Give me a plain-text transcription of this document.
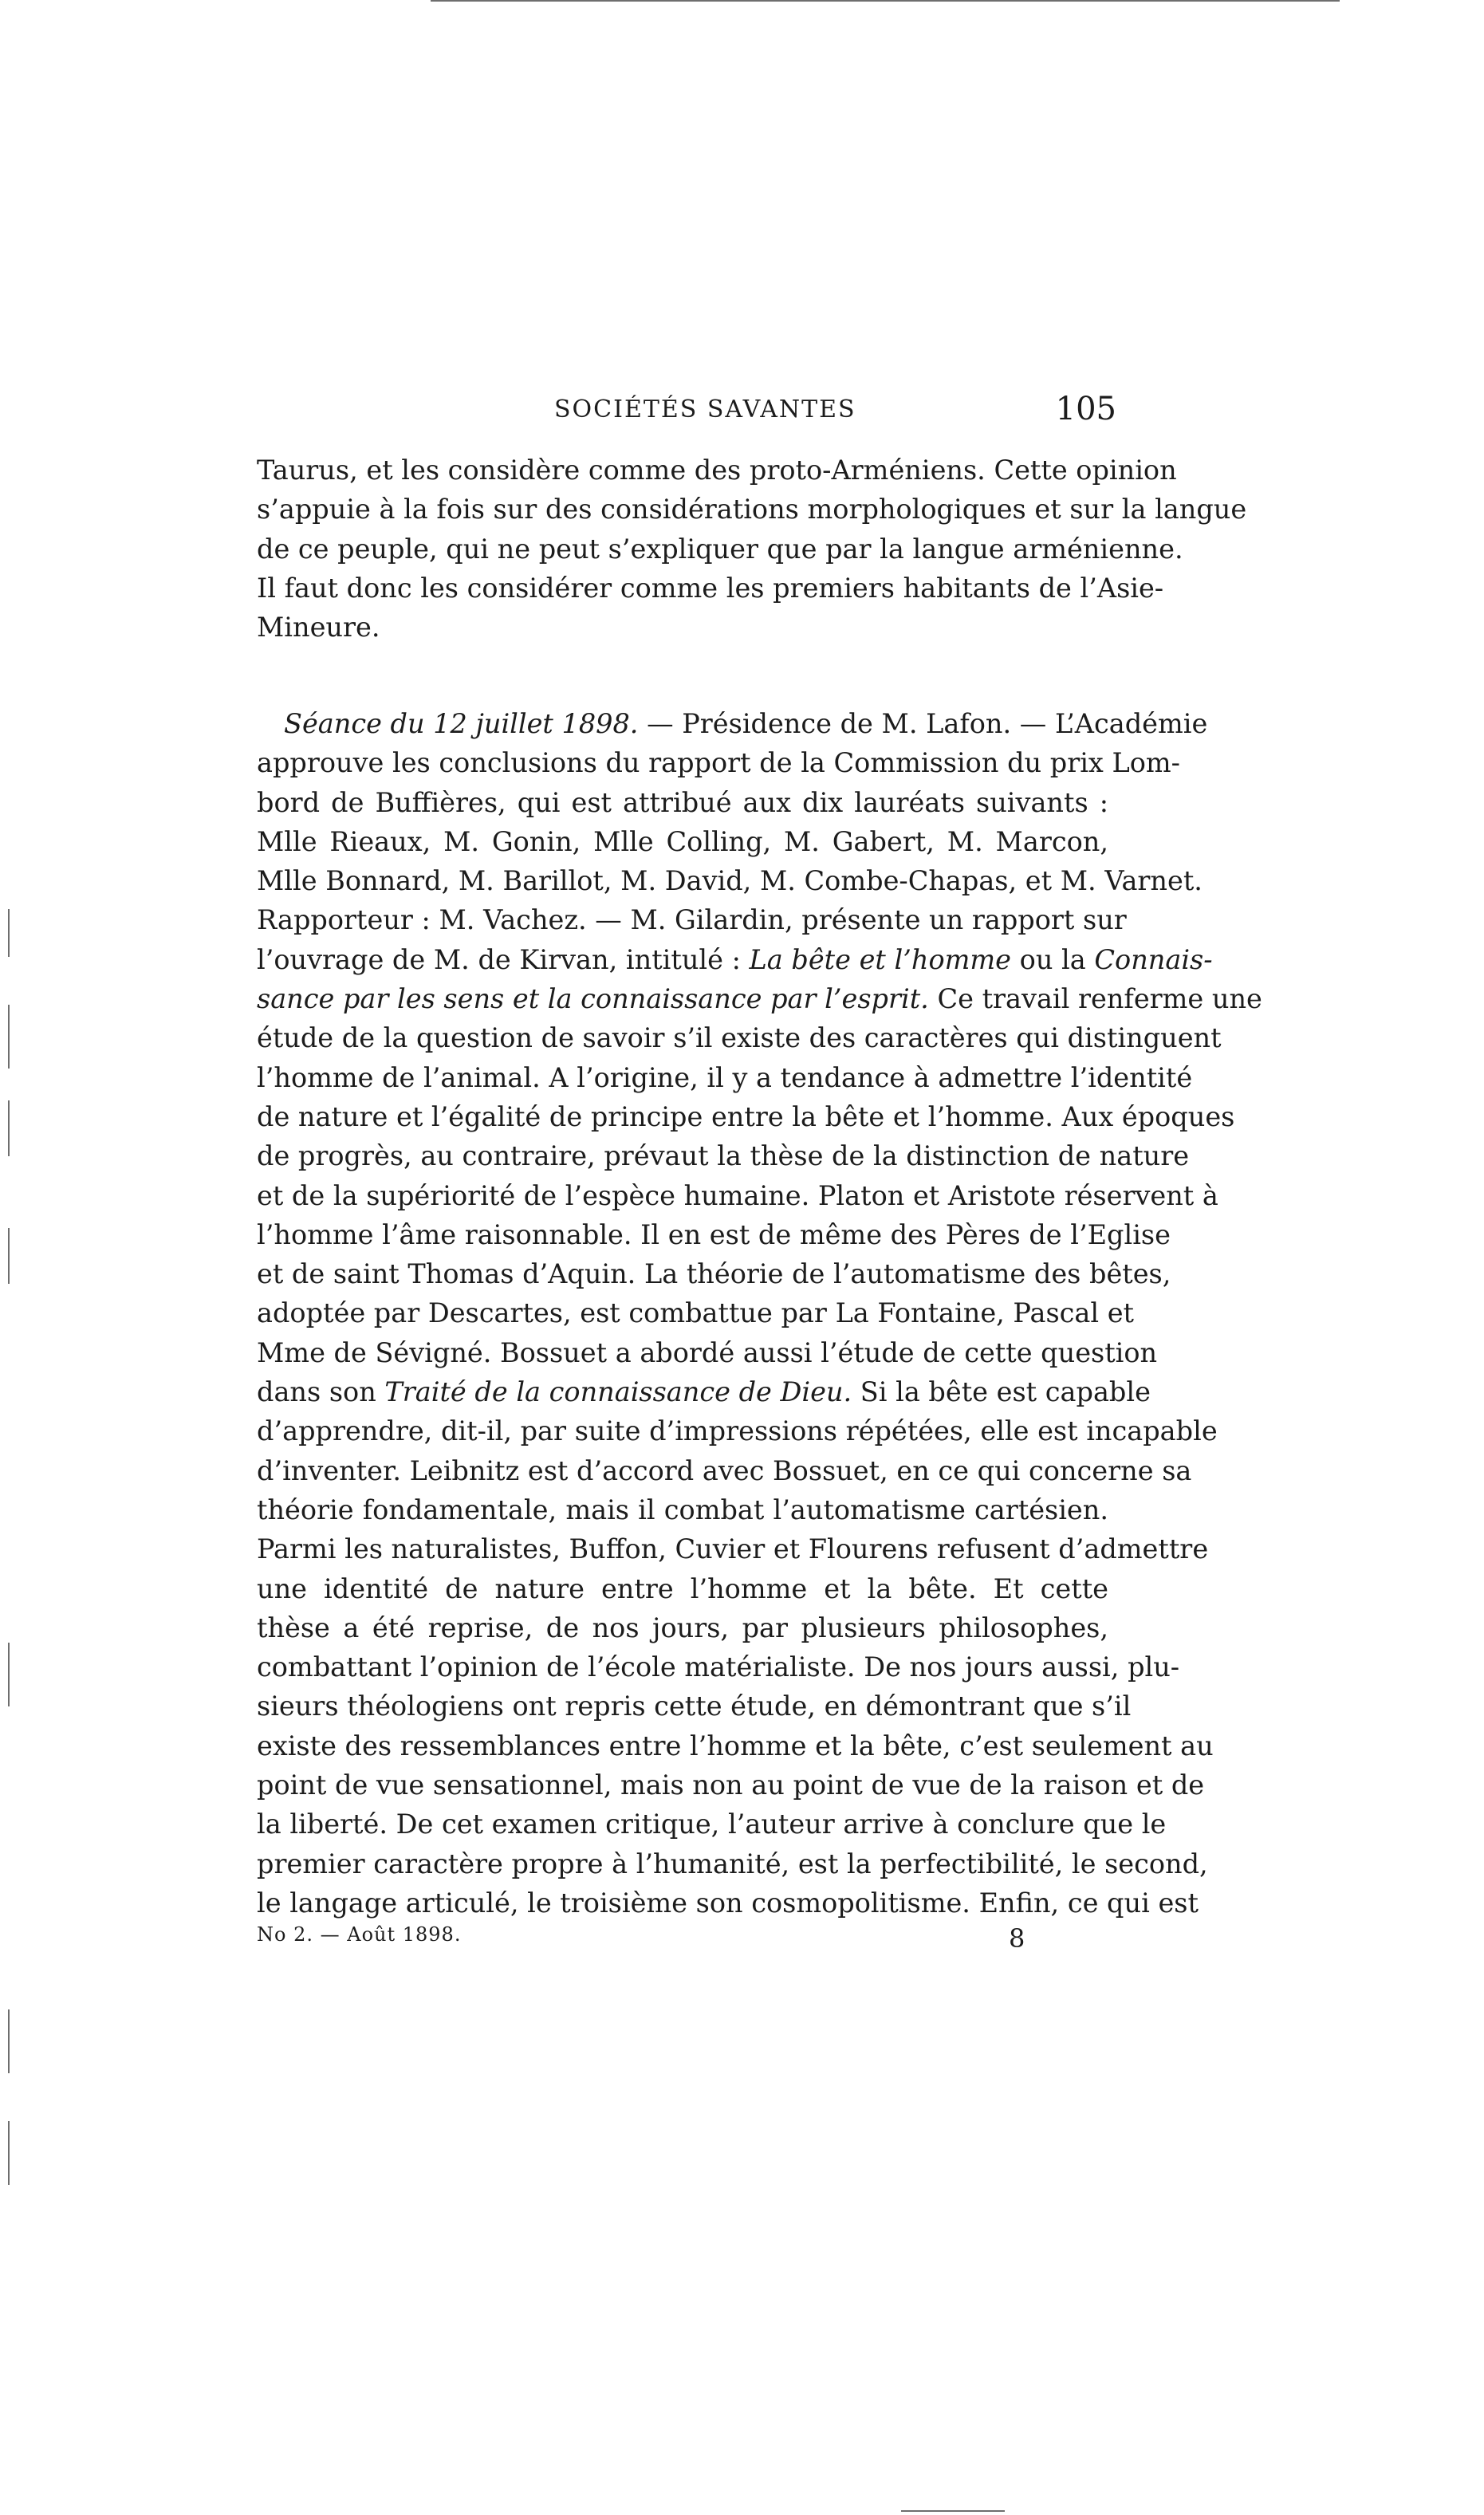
SOCIÉTÉS SAVANTES	105
Taurus, et les considère comme des proto-Arméniens. Cette opinion
s’appuie à la fois sur des considérations morphologiques et sur la langue
de ce peuple, qui ne peut s’expliquer que par la langue arménienne.
Il faut donc les considérer comme les premiers habitants de l’Asie-
Mineure.
Séance du 12 juillet 1898. — Présidence de M. Lafon. — L’Académie
approuve les conclusions du rapport de la Commission du prix Lom-
bord de Buffières, qui est attribué aux dix lauréats suivants :
Mlle Rieaux, M. Gonin, Mlle Colling, M. Gabert, M. Marcon,
Mlle Bonnard, M. Barillot, M. David, M. Combe-Chapas, et M. Varnet.
Rapporteur : M. Vachez. — M. Gilardin, présente un rapport sur
l’ouvrage de M. de Kirvan, intitulé : La bête et l’homme ou la Connais-
sance par les sens et la connaissance par l’esprit. Ce travail renferme une
étude de la question de savoir s’il existe des caractères qui distinguent
l’homme de l’animal. A l’origine, il y a tendance à admettre l’identité
de nature et l’égalité de principe entre la bête et l’homme. Aux époques
de progrès, au contraire, prévaut la thèse de la distinction de nature
et de la supériorité de l’espèce humaine. Platon et Aristote réservent à
l’homme l’âme raisonnable. Il en est de même des Pères de l’Eglise
et de saint Thomas d’Aquin. La théorie de l’automatisme des bêtes,
adoptée par Descartes, est combattue par La Fontaine, Pascal et
Mme de Sévigné. Bossuet a abordé aussi l’étude de cette question
dans son Traité de la connaissance de Dieu. Si la bête est capable
d’apprendre, dit-il, par suite d’impressions répétées, elle est incapable
d’inventer. Leibnitz est d’accord avec Bossuet, en ce qui concerne sa
théorie fondamentale, mais il combat l’automatisme cartésien.
Parmi les naturalistes, Buffon, Cuvier et Flourens refusent d’admettre
une identité de nature entre l’homme et la bête. Et cette
thèse a été reprise, de nos jours, par plusieurs philosophes,
combattant l’opinion de l’école matérialiste. De nos jours aussi, plu-
sieurs théologiens ont repris cette étude, en démontrant que s’il
existe des ressemblances entre l’homme et la bête, c’est seulement au
point de vue sensationnel, mais non au point de vue de la raison et de
la liberté. De cet examen critique, l’auteur arrive à conclure que le
premier caractère propre à l’humanité, est la perfectibilité, le second,
le langage articulé, le troisième son cosmopolitisme. Enfin, ce qui est
No 2. — Août 1898.	8
